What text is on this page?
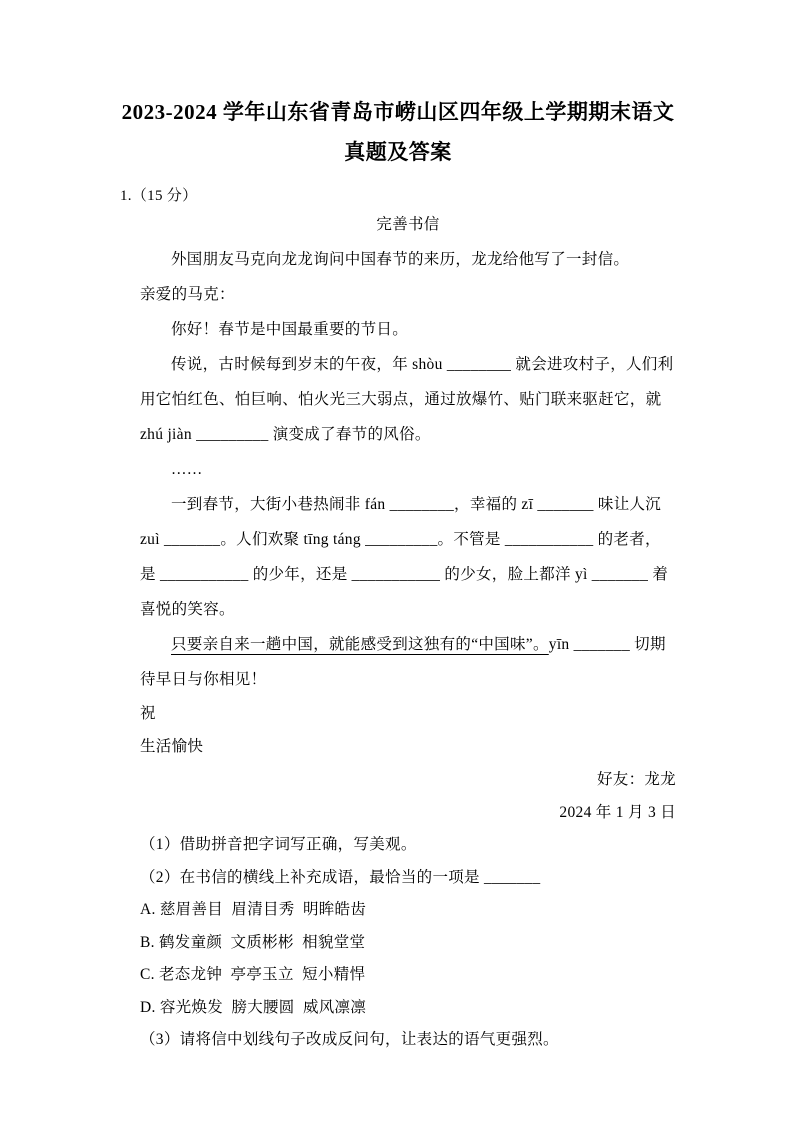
2023-2024 学年山东省青岛市崂山区四年级上学期期末语文
真题及答案
1.（15 分）

完善书信

外国朋友马克向龙龙询问中国春节的来历，龙龙给他写了一封信。

亲爱的马克：

你好！春节是中国最重要的节日。

传说，古时候每到岁末的午夜，年 shòu ________ 就会进攻村子，人们利用它怕红色、怕巨响、怕火光三大弱点，通过放爆竹、贴门联来驱赶它，就 zhú jiàn _________ 演变成了春节的风俗。

……

一到春节，大街小巷热闹非 fán ________，幸福的 zī _______ 味让人沉 zuì _______。人们欢聚 tīng táng _________。不管是 ___________ 的老者，是 ___________ 的少年，还是 ___________ 的少女，脸上都洋 yì _______ 着喜悦的笑容。

只要亲自来一趟中国，就能感受到这独有的“中国味”。yīn _______ 切期待早日与你相见！

祝

生活愉快

好友：龙龙

2024 年 1 月 3 日

（1）借助拼音把字词写正确，写美观。

（2）在书信的横线上补充成语，最恰当的一项是 _______

A. 慈眉善目  眉清目秀  明眸皓齿

B. 鹤发童颜  文质彬彬  相貌堂堂

C. 老态龙钟  亭亭玉立  短小精悍

D. 容光焕发  膀大腰圆  威风凛凛

（3）请将信中划线句子改成反问句，让表达的语气更强烈。
